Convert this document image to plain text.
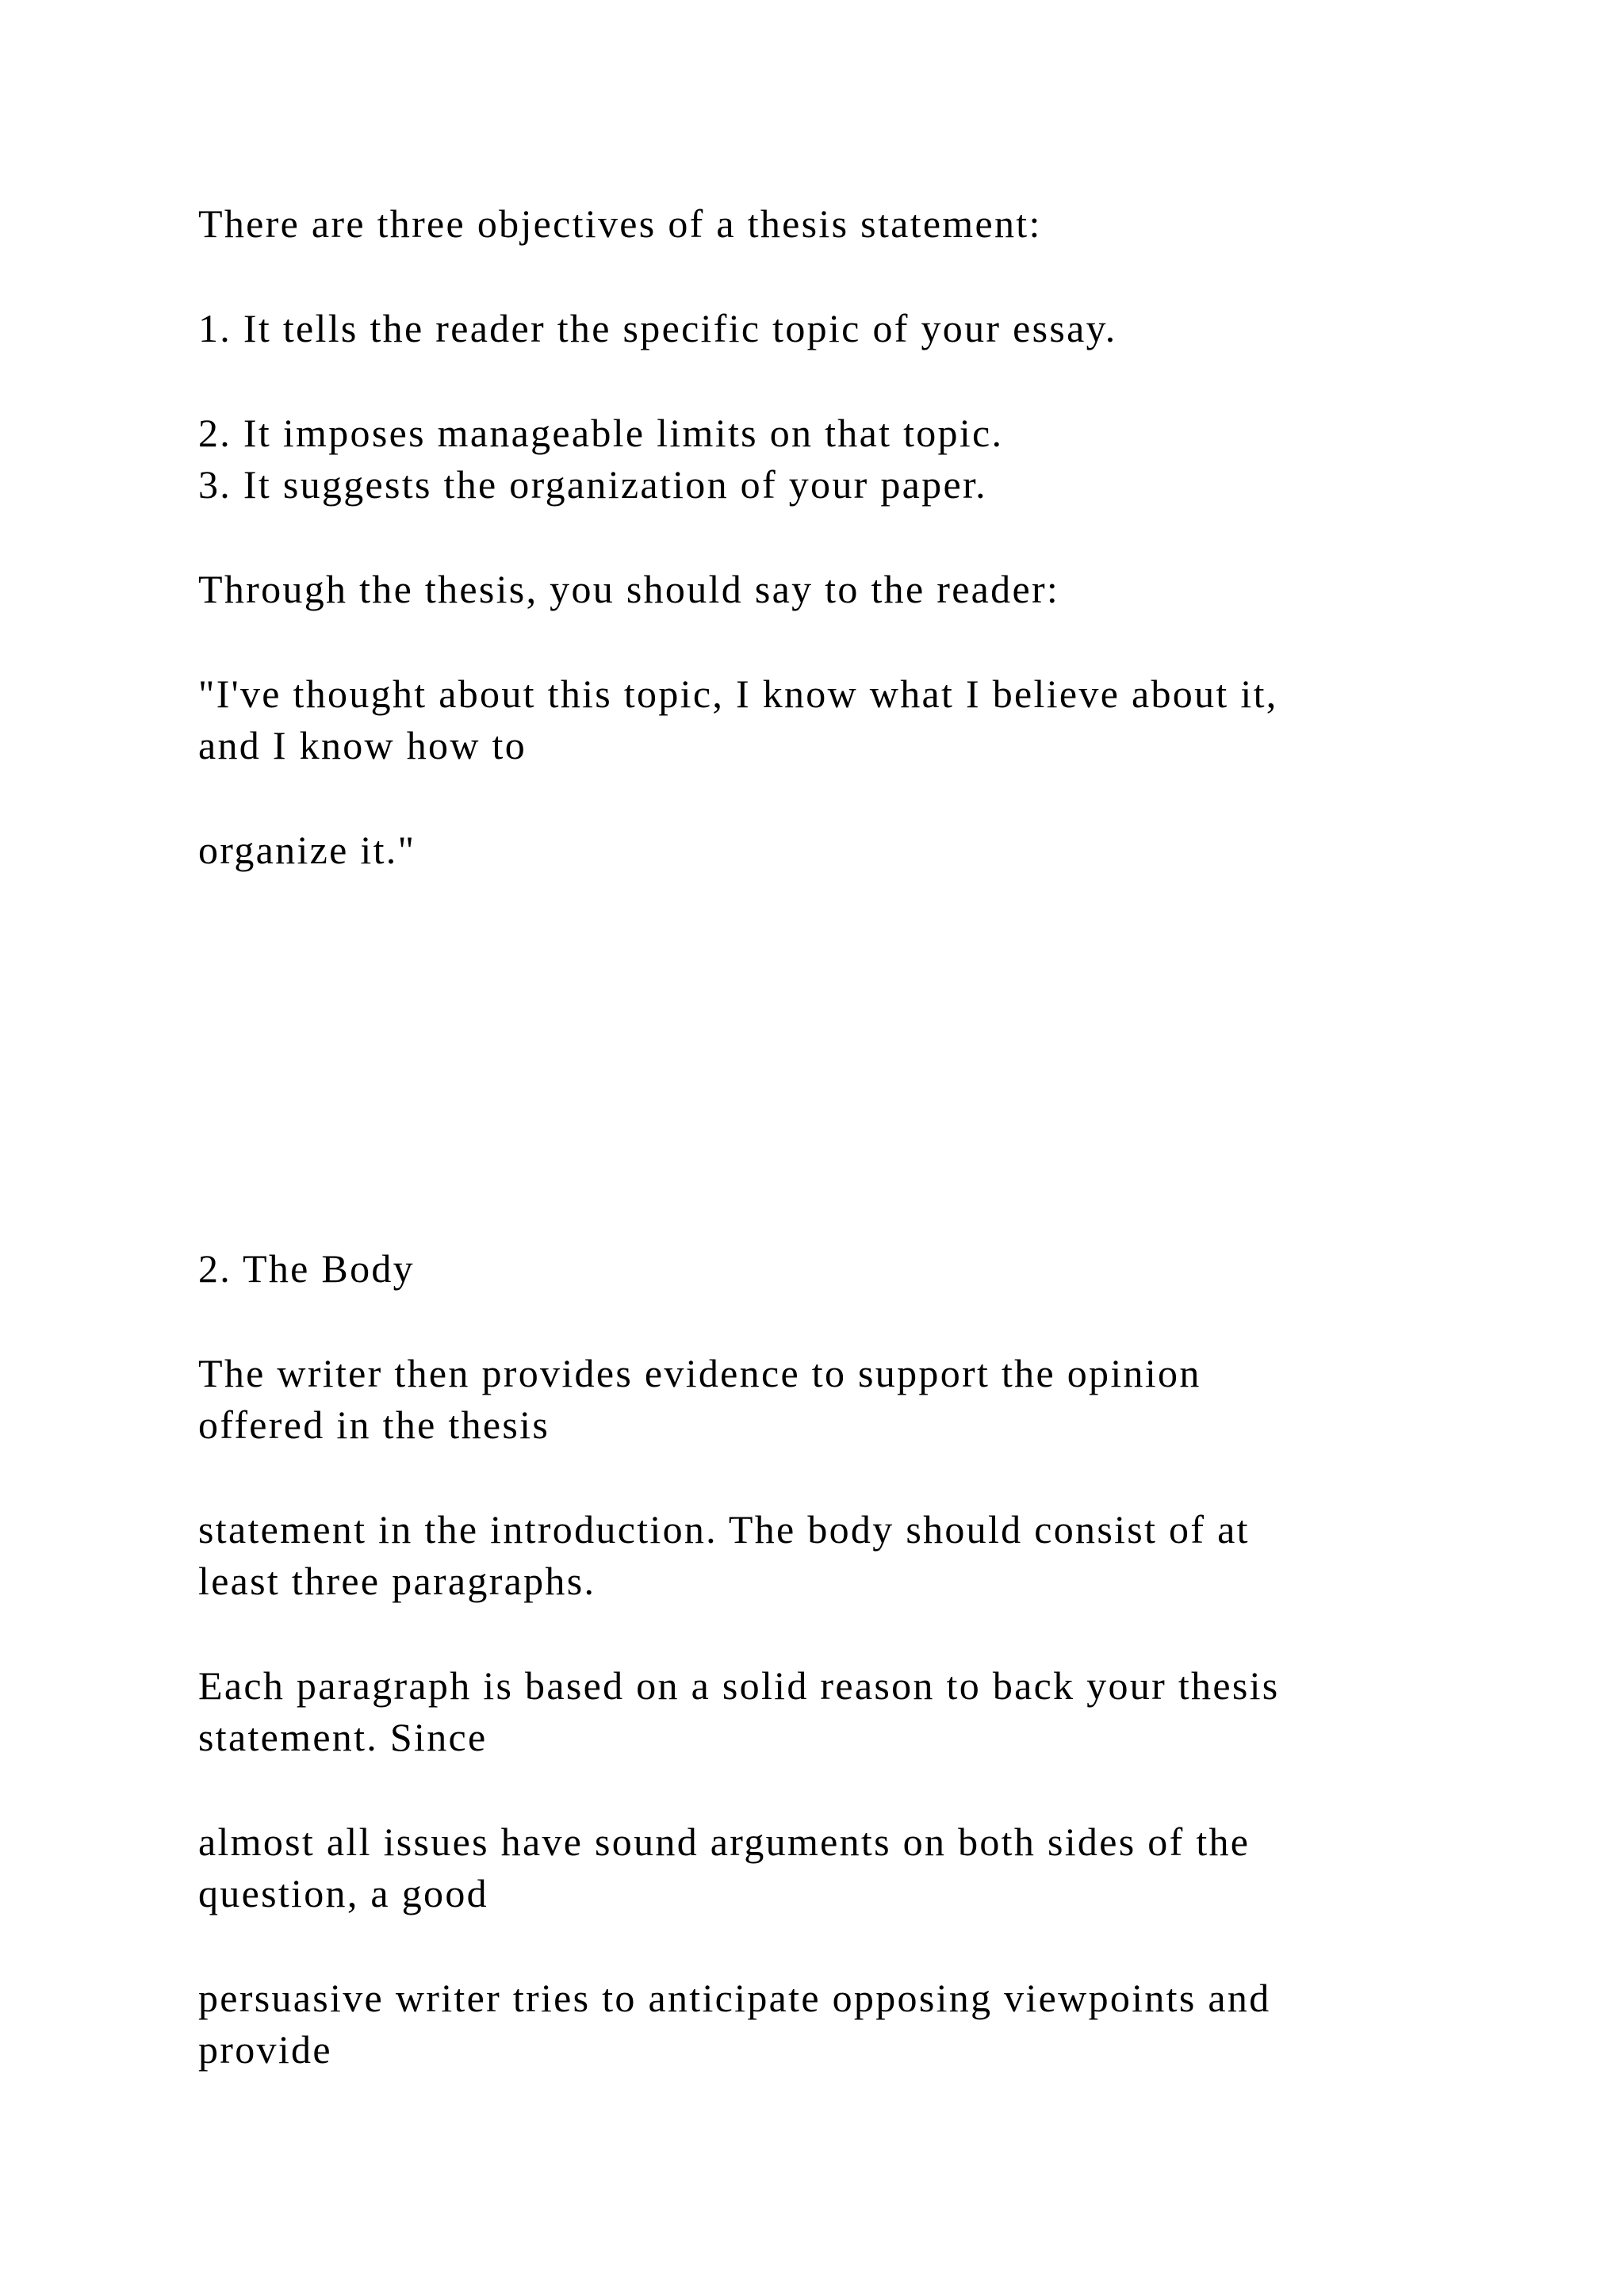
There are three objectives of a thesis statement:

1. It tells the reader the specific topic of your essay.

2. It imposes manageable limits on that topic.

3. It suggests the organization of your paper.

Through the thesis, you should say to the reader:

"I've thought about this topic, I know what I believe about it,

and I know how to

organize it."

2. The Body

The writer then provides evidence to support the opinion

offered in the thesis

statement in the introduction. The body should consist of at

least three paragraphs.

Each paragraph is based on a solid reason to back your thesis

statement. Since

almost all issues have sound arguments on both sides of the

question, a good

persuasive writer tries to anticipate opposing viewpoints and

provide
